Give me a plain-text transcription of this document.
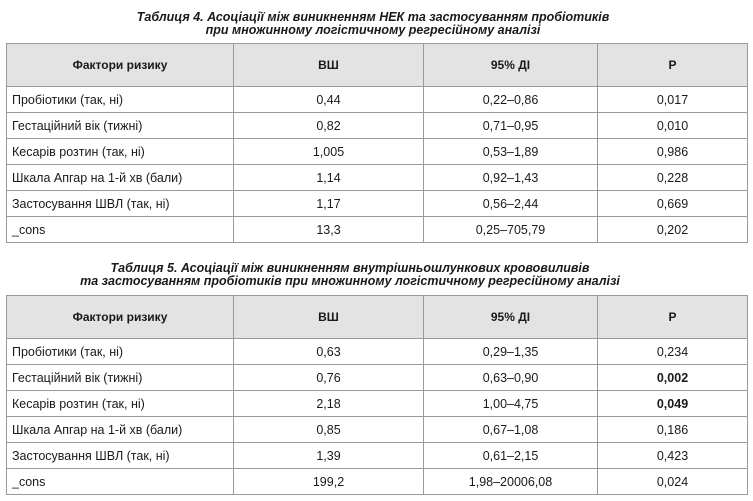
Таблиця 4. Асоціації між виникненням НЕК та застосуванням пробіотиків
при множинному логістичному регресійному аналізі
Фактори ризику	ВШ	95% ДІ	Р
Пробіотики (так, ні)	0,44	0,22–0,86	0,017
Гестаційний вік (тижні)	0,82	0,71–0,95	0,010
Кесарів розтин (так, ні)	1,005	0,53–1,89	0,986
Шкала Апгар на 1-й хв (бали)	1,14	0,92–1,43	0,228
Застосування ШВЛ (так, ні)	1,17	0,56–2,44	0,669
_cons	13,3	0,25–705,79	0,202
Таблиця 5. Асоціації між виникненням внутрішньошлункових крововиливів
та застосуванням пробіотиків при множинному логістичному регресійному аналізі
Фактори ризику	ВШ	95% ДІ	Р
Пробіотики (так, ні)	0,63	0,29–1,35	0,234
Гестаційний вік (тижні)	0,76	0,63–0,90	0,002
Кесарів розтин (так, ні)	2,18	1,00–4,75	0,049
Шкала Апгар на 1-й хв (бали)	0,85	0,67–1,08	0,186
Застосування ШВЛ (так, ні)	1,39	0,61–2,15	0,423
_cons	199,2	1,98–20006,08	0,024
